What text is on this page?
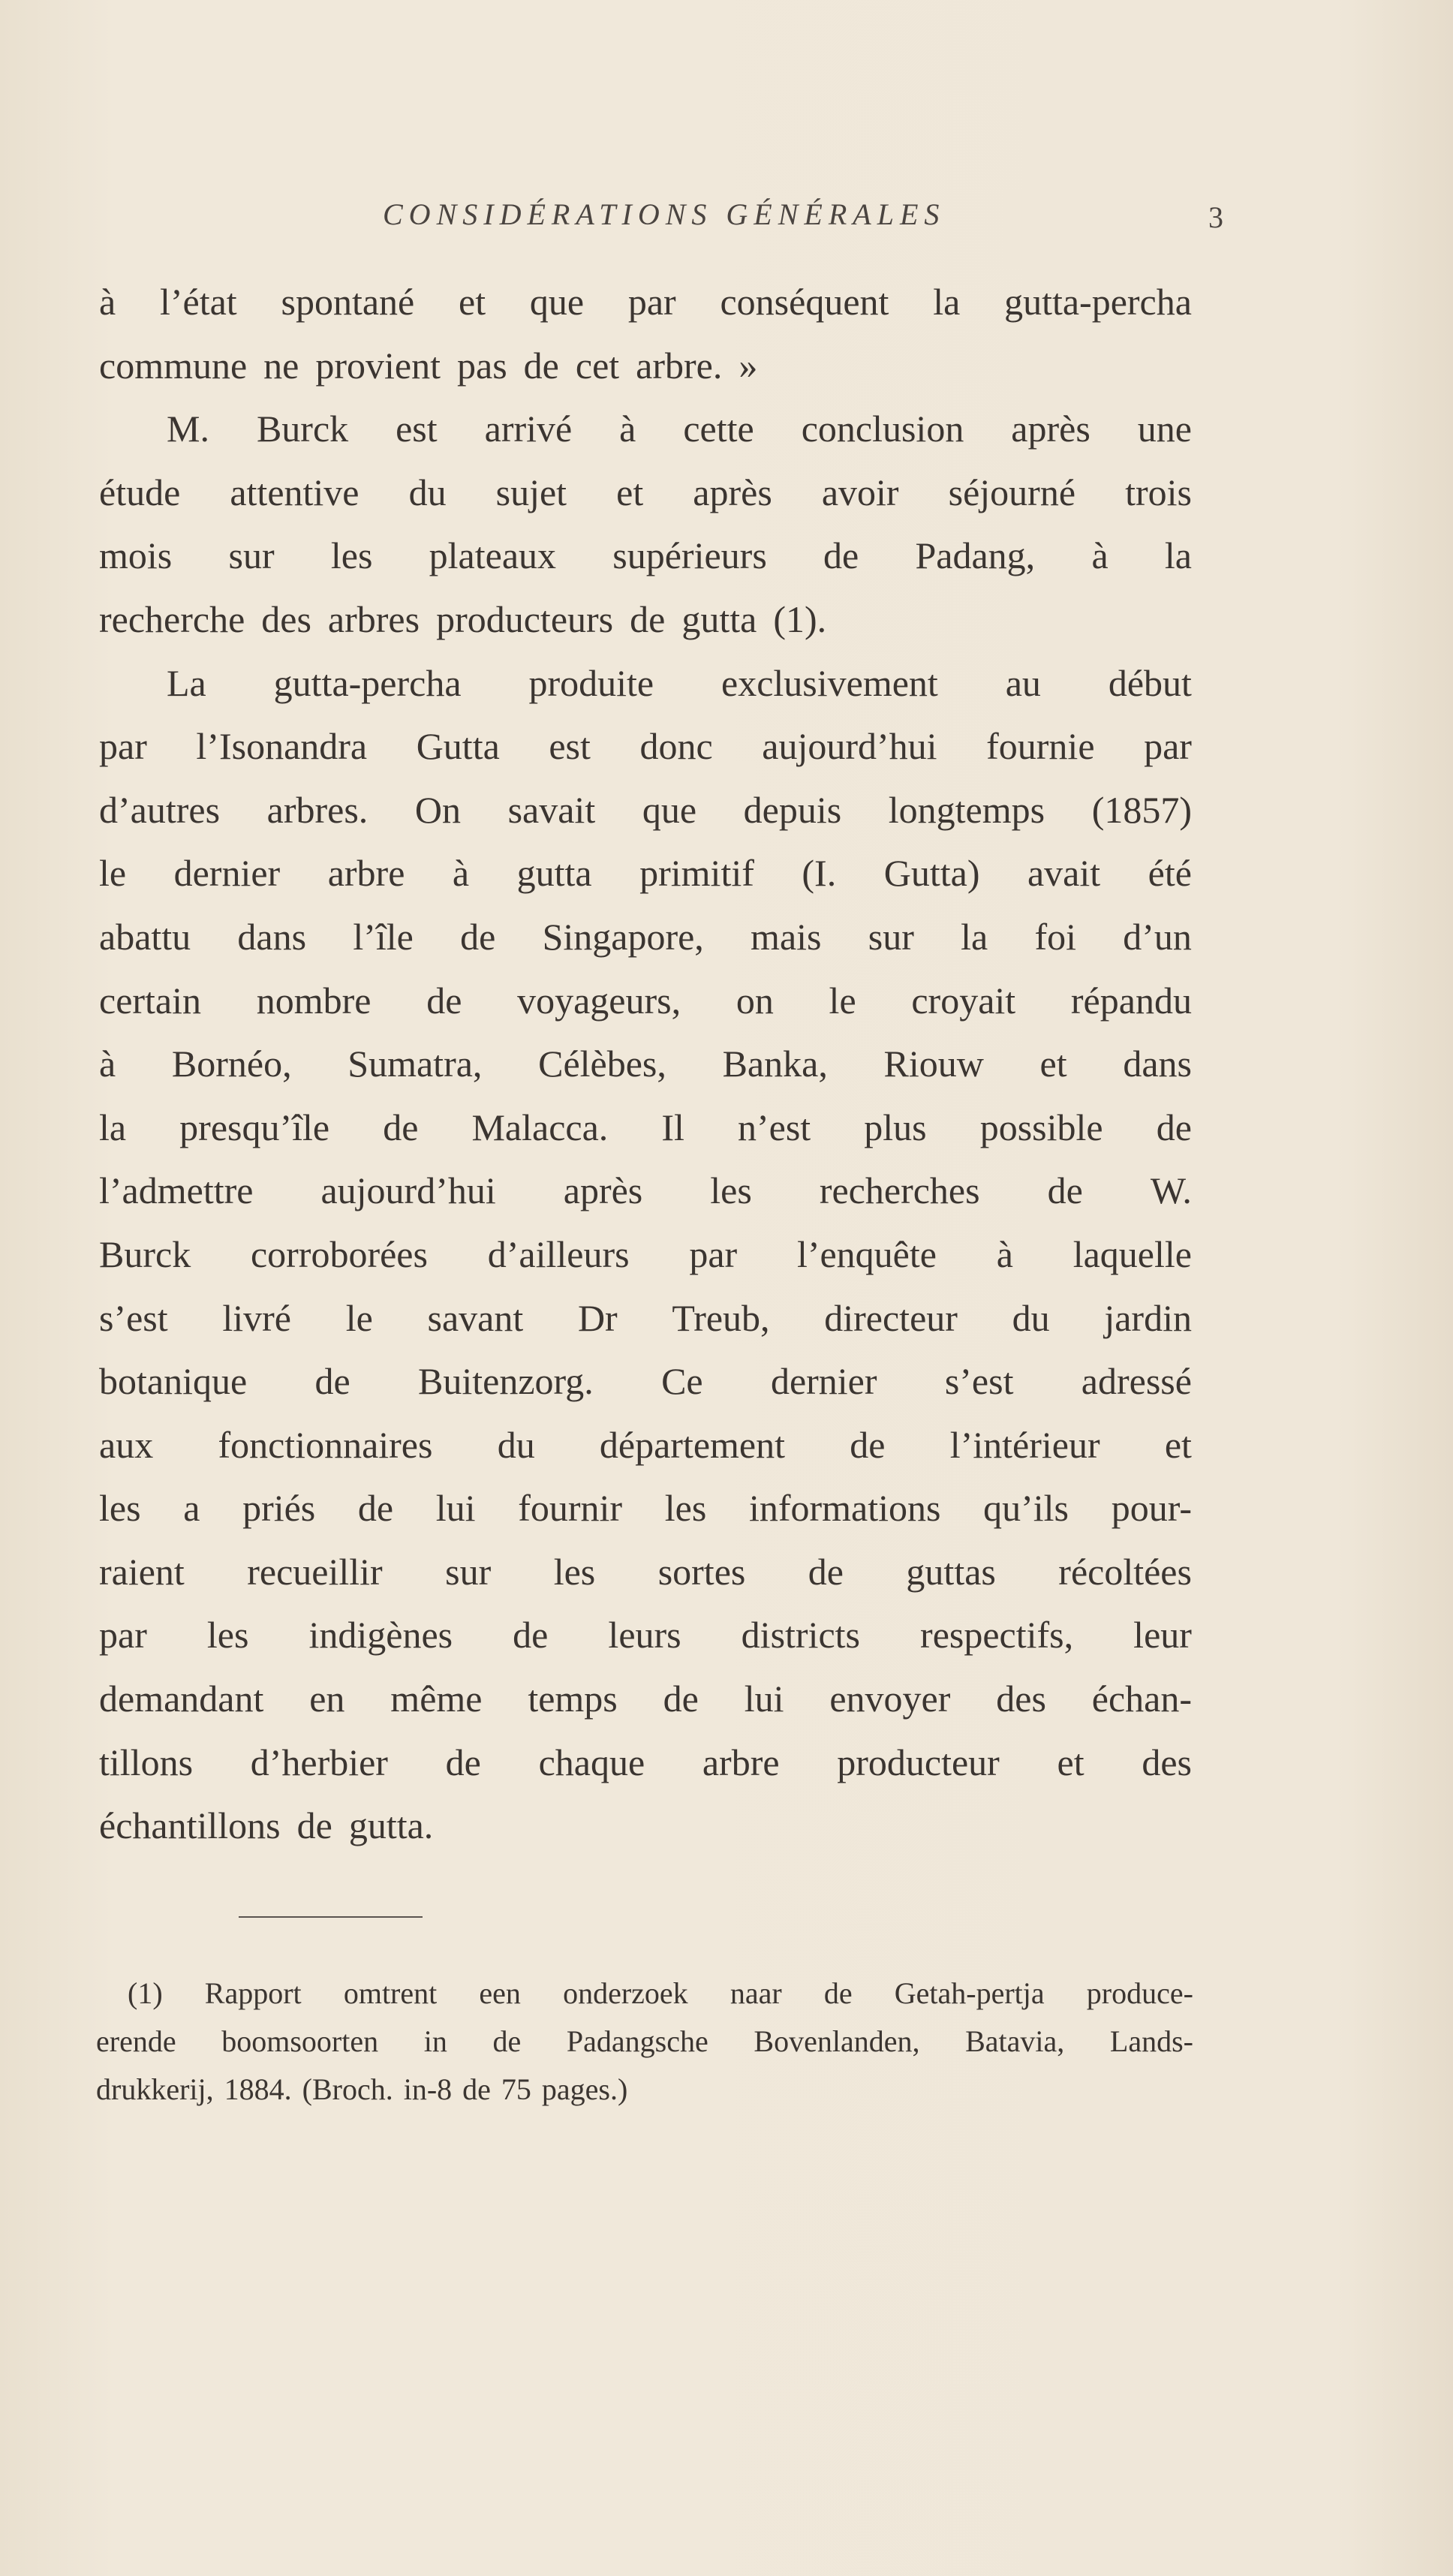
CONSIDÉRATIONS GÉNÉRALES	3
à l’état spontané et que par conséquent la gutta-percha
commune ne provient pas de cet arbre. »
M. Burck est arrivé à cette conclusion après une
étude attentive du sujet et après avoir séjourné trois
mois sur les plateaux supérieurs de Padang, à la
recherche des arbres producteurs de gutta (1).
La gutta-percha produite exclusivement au début
par l’Isonandra Gutta est donc aujourd’hui fournie par
d’autres arbres. On savait que depuis longtemps (1857)
le dernier arbre à gutta primitif (I. Gutta) avait été
abattu dans l’île de Singapore, mais sur la foi d’un
certain nombre de voyageurs, on le croyait répandu
à Bornéo, Sumatra, Célèbes, Banka, Riouw et dans
la presqu’île de Malacca. Il n’est plus possible de
l’admettre aujourd’hui après les recherches de W.
Burck corroborées d’ailleurs par l’enquête à laquelle
s’est livré le savant Dr Treub, directeur du jardin
botanique de Buitenzorg. Ce dernier s’est adressé
aux fonctionnaires du département de l’intérieur et
les a priés de lui fournir les informations qu’ils pour-
raient recueillir sur les sortes de guttas récoltées
par les indigènes de leurs districts respectifs, leur
demandant en même temps de lui envoyer des échan-
tillons d’herbier de chaque arbre producteur et des
échantillons de gutta.
(1) Rapport omtrent een onderzoek naar de Getah-pertja produce-
erende boomsoorten in de Padangsche Bovenlanden, Batavia, Lands-
drukkerij, 1884. (Broch. in-8 de 75 pages.)
